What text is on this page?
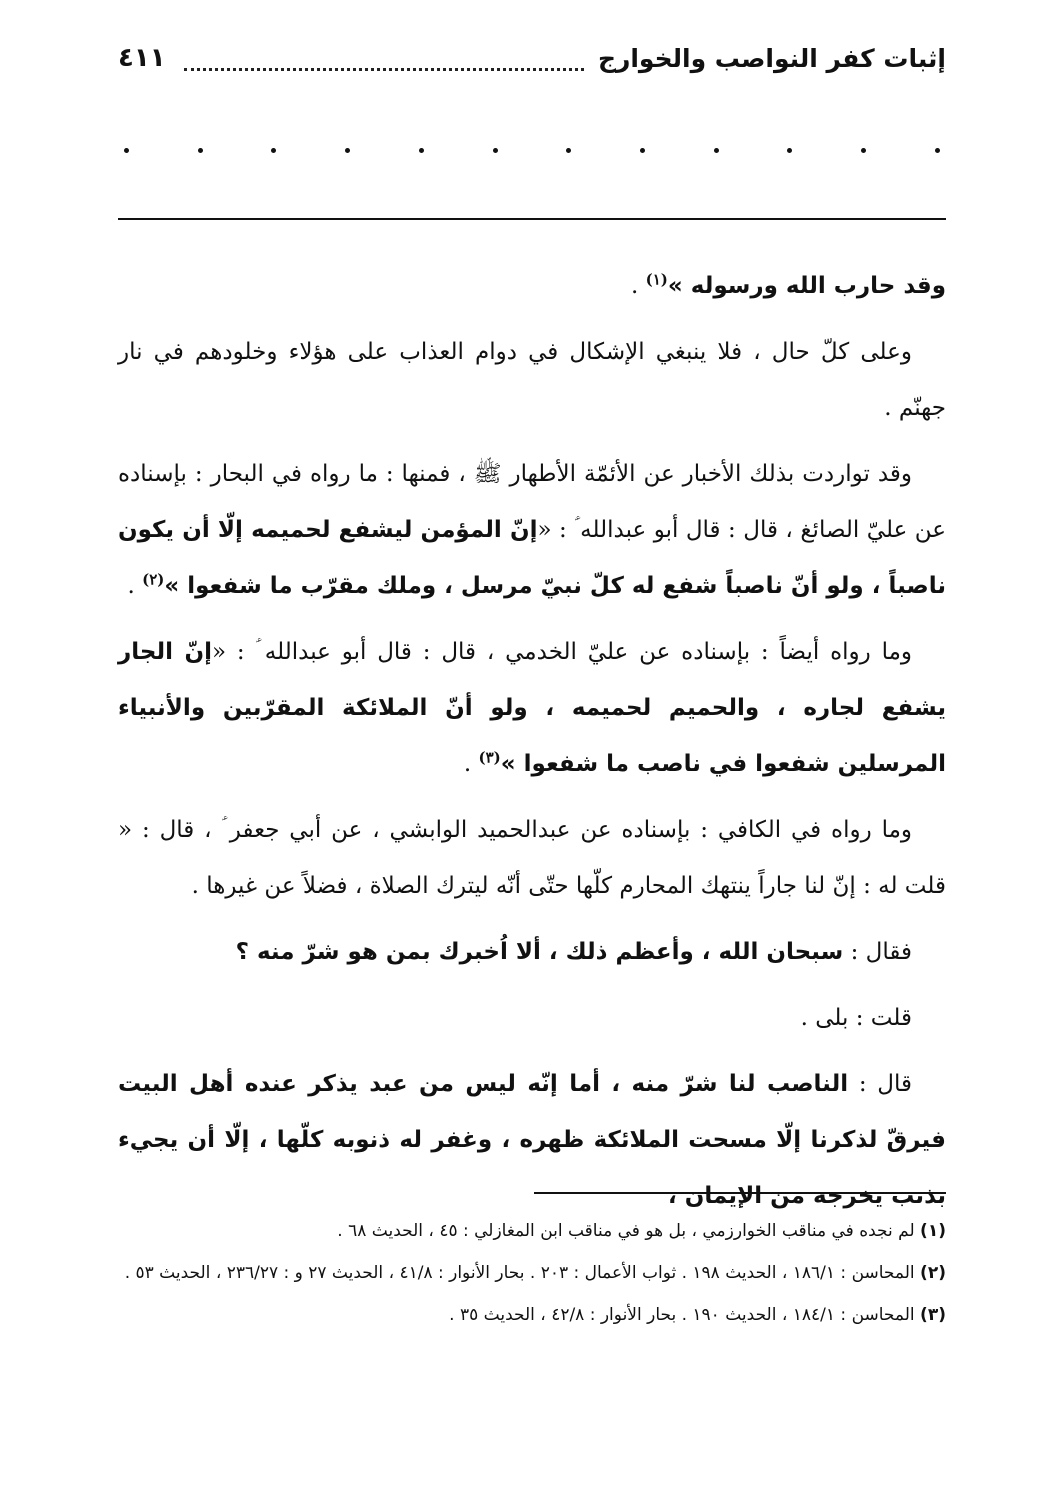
إثبات كفر النواصب والخوارج
٤١١

وقد حارب الله ورسوله »$^{(١)}$ .

وعلى كلّ حال ، فلا ينبغي الإشكال في دوام العذاب على هؤلاء وخلودهم في نار جهنّم .

وقد تواردت بذلك الأخبار عن الأئمّة الأطهار ﷺ ، فمنها : ما رواه في البحار : بإسناده عن عليّ الصائغ ، قال : قال أبو عبدالله ؑ : «إنّ المؤمن ليشفع لحميمه إلّا أن يكون ناصباً ، ولو أنّ ناصباً شفع له كلّ نبيّ مرسل ، وملك مقرّب ما شفعوا »$^{(٢)}$ .

وما رواه أيضاً : بإسناده عن عليّ الخدمي ، قال : قال أبو عبدالله ؑ : «إنّ الجار يشفع لجاره ، والحميم لحميمه ، ولو أنّ الملائكة المقرّبين والأنبياء المرسلين شفعوا في ناصب ما شفعوا »$^{(٣)}$ .

وما رواه في الكافي : بإسناده عن عبدالحميد الوابشي ، عن أبي جعفر ؑ ، قال : « قلت له : إنّ لنا جاراً ينتهك المحارم كلّها حتّى أنّه ليترك الصلاة ، فضلاً عن غيرها .

فقال : سبحان الله ، وأعظم ذلك ، ألا اُخبرك بمن هو شرّ منه ؟

قلت : بلى .

قال : الناصب لنا شرّ منه ، أما إنّه ليس من عبد يذكر عنده أهل البيت فيرقّ لذكرنا إلّا مسحت الملائكة ظهره ، وغفر له ذنوبه كلّها ، إلّا أن يجيء بذنب يخرجه من الإيمان ،

(١) لم نجده في مناقب الخوارزمي ، بل هو في مناقب ابن المغازلي : ٤٥ ، الحديث ٦٨ .

(٢) المحاسن : ١٨٦/١ ، الحديث ١٩٨ . ثواب الأعمال : ٢٠٣ . بحار الأنوار : ٤١/٨ ، الحديث ٢٧ و : ٢٣٦/٢٧ ، الحديث ٥٣ .

(٣) المحاسن : ١٨٤/١ ، الحديث ١٩٠ . بحار الأنوار : ٤٢/٨ ، الحديث ٣٥ .
